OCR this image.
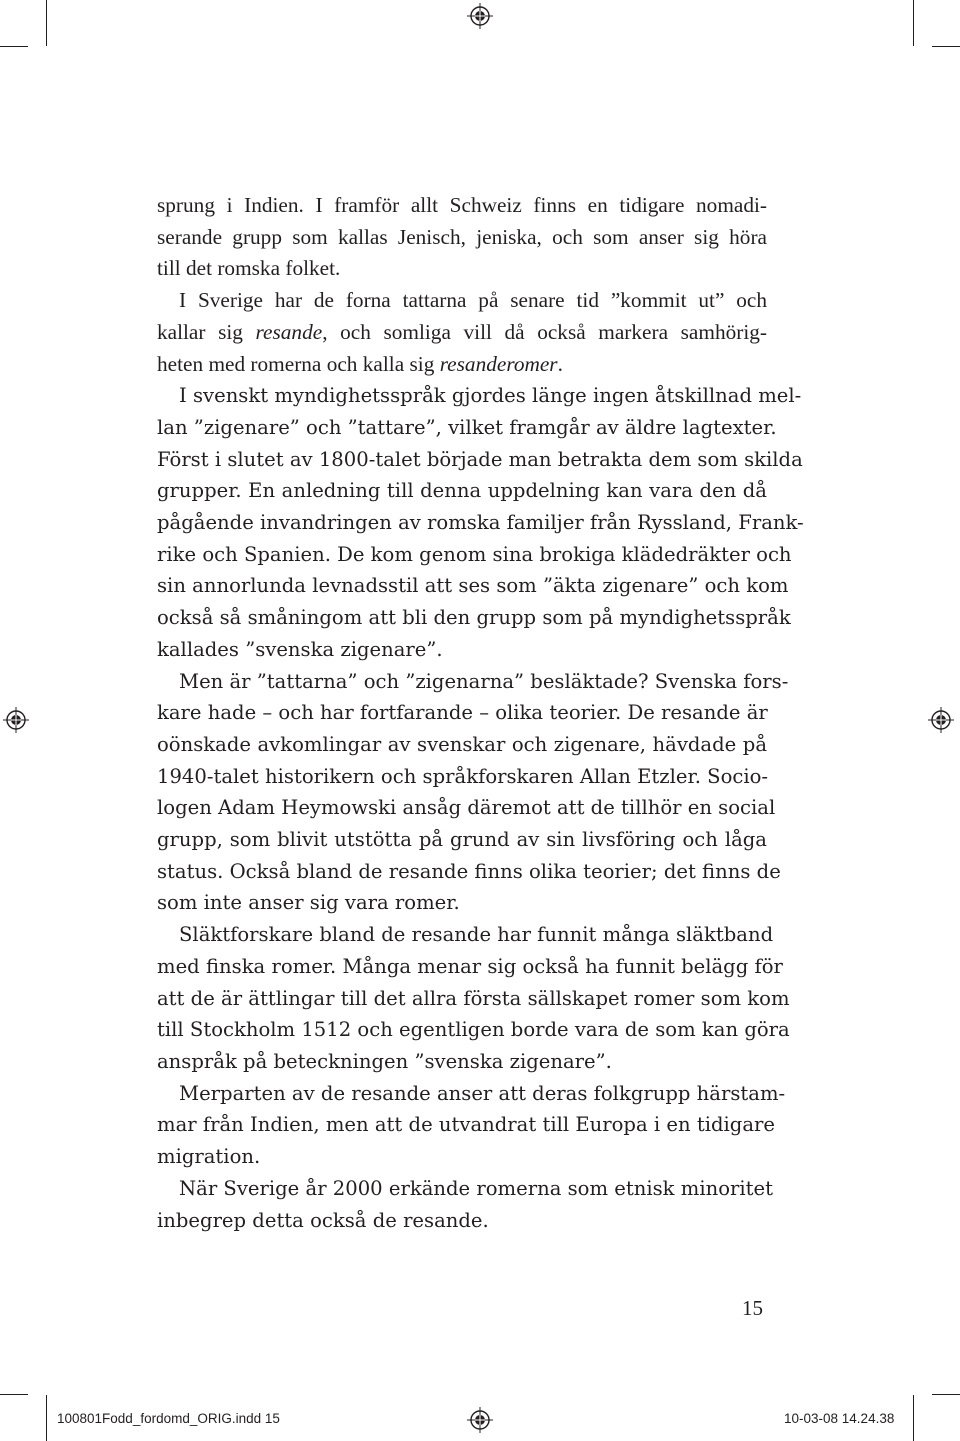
sprung i Indien. I framför allt Schweiz finns en tidigare nomadi-
serande grupp som kallas Jenisch, jeniska, och som anser sig höra
till det romska folket.
I Sverige har de forna tattarna på senare tid ”kommit ut” och
kallar sig resande, och somliga vill då också markera samhörig-
heten med romerna och kalla sig resanderomer.
I svenskt myndighetsspråk gjordes länge ingen åtskillnad mel-
lan ”zigenare” och ”tattare”, vilket framgår av äldre lagtexter.
Först i slutet av 1800-talet började man betrakta dem som skilda
grupper. En anledning till denna uppdelning kan vara den då
pågående invandringen av romska familjer från Ryssland, Frank-
rike och Spanien. De kom genom sina brokiga klädedräkter och
sin annorlunda levnadsstil att ses som ”äkta zigenare” och kom
också så småningom att bli den grupp som på myndighetsspråk
kallades ”svenska zigenare”.
Men är ”tattarna” och ”zigenarna” besläktade? Svenska fors-
kare hade – och har fortfarande – olika teorier. De resande är
oönskade avkomlingar av svenskar och zigenare, hävdade på
1940-talet historikern och språkforskaren Allan Etzler. Socio-
logen Adam Heymowski ansåg däremot att de tillhör en social
grupp, som blivit utstötta på grund av sin livsföring och låga
status. Också bland de resande finns olika teorier; det finns de
som inte anser sig vara romer.
Släktforskare bland de resande har funnit många släktband
med finska romer. Många menar sig också ha funnit belägg för
att de är ättlingar till det allra första sällskapet romer som kom
till Stockholm 1512 och egentligen borde vara de som kan göra
anspråk på beteckningen ”svenska zigenare”.
Merparten av de resande anser att deras folkgrupp härstam-
mar från Indien, men att de utvandrat till Europa i en tidigare
migration.
När Sverige år 2000 erkände romerna som etnisk minoritet
inbegrep detta också de resande.
15
100801Fodd_fordomd_ORIG.indd 15	10-03-08 14.24.38
